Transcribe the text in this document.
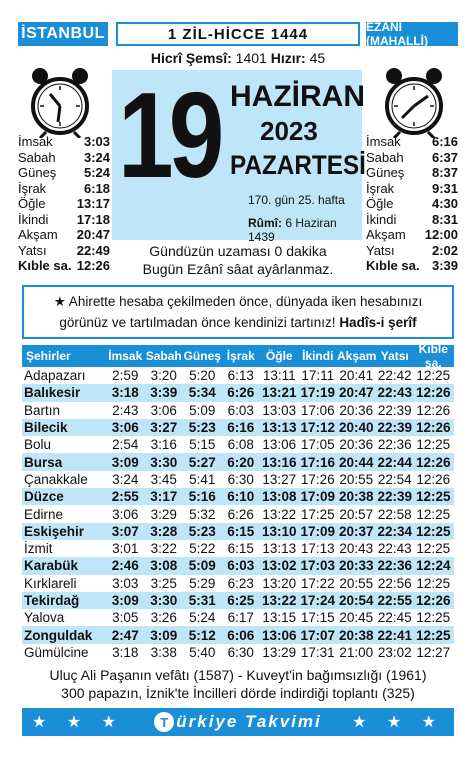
İSTANBUL	1 ZİL-HİCCE 1444	EZÂNİ (MAHALLİ)
Hicrî Şemsî: 1401 Hızır: 45
19 HAZİRAN
2023
PAZARTESİ
170. gün 25. hafta
Rûmî: 6 Haziran 1439
İmsak 3:03
Sabah 3:24
Güneş 5:24
İşrak	6:18
Öğle 13:17
İkindi 17:18
Akşam 20:47
Yatsı 22:49
Kıble sa. 12:26
İmsak 6:16
Sabah 6:37
Güneş 8:37
İşrak	9:31
Öğle	4:30
İkindi	8:31
Akşam 12:00
Yatsı	2:02
Kıble sa. 3:39
Gündüzün uzaması 0 dakika
Bugün Ezânî sâat ayârlanmaz.
★ Ahirette hesaba çekilmeden önce, dünyada iken hesabınızı
görünüz ve tartılmadan önce kendinizi tartınız! Hadîs-i şerîf
Şehirler	İmsak Sabah Güneş İşrak Öğle İkindi Akşam Yatsı Kıble sa.
Adapazarı	2:59 3:20 5:20 6:13 13:11 17:11 20:41 22:42 12:25
Balıkesir	3:18 3:39 5:34 6:26 13:21 17:19 20:47 22:43 12:26
Bartın	2:43 3:06 5:09 6:03 13:03 17:06 20:36 22:39 12:26
Bilecik	3:06 3:27 5:23 6:16 13:13 17:12 20:40 22:39 12:26
Bolu	2:54 3:16 5:15 6:08 13:06 17:05 20:36 22:36 12:25
Bursa	3:09 3:30 5:27 6:20 13:16 17:16 20:44 22:44 12:26
Çanakkale	3:24 3:45 5:41 6:30 13:27 17:26 20:55 22:54 12:26
Düzce	2:55 3:17 5:16 6:10 13:08 17:09 20:38 22:39 12:25
Edirne	3:06 3:29 5:32 6:26 13:22 17:25 20:57 22:58 12:25
Eskişehir	3:07 3:28 5:23 6:15 13:10 17:09 20:37 22:34 12:25
İzmit	3:01 3:22 5:22 6:15 13:13 17:13 20:43 22:43 12:25
Karabük	2:46 3:08 5:09 6:03 13:02 17:03 20:33 22:36 12:24
Kırklareli	3:03 3:25 5:29 6:23 13:20 17:22 20:55 22:56 12:25
Tekirdağ	3:09 3:30 5:31 6:25 13:22 17:24 20:54 22:55 12:26
Yalova	3:05 3:26 5:24 6:17 13:15 17:15 20:45 22:45 12:25
Zonguldak	2:47 3:09 5:12 6:06 13:06 17:07 20:38 22:41 12:25
Gümülcine	3:18 3:38 5:40 6:30 13:29 17:31 21:00 23:02 12:27
Uluç Ali Paşanın vefâtı (1587) - Kuveyt'in bağımsızlığı (1961)
300 papazın, İznik'te İncilleri dörde indirdiği toplantı (325)
★ ★ ★	T ürkiye Takvimi ★ ★ ★
